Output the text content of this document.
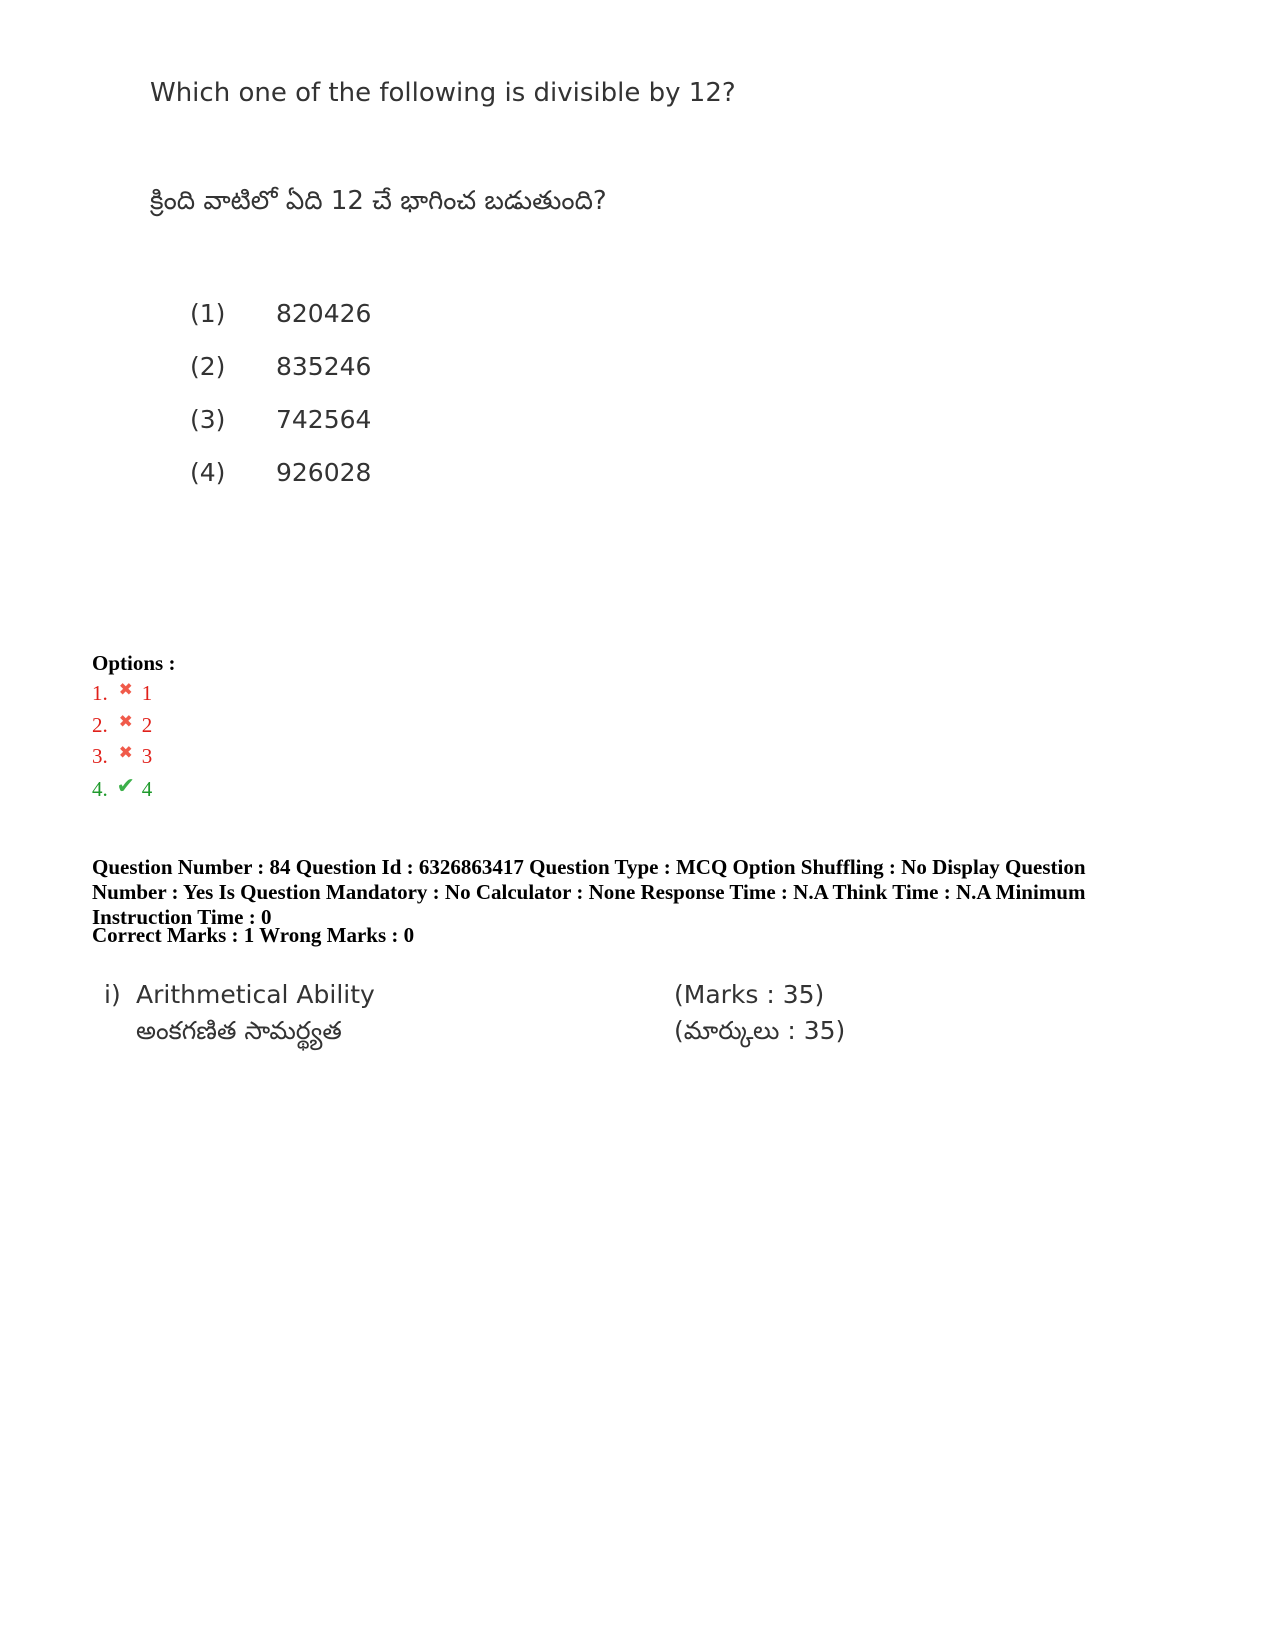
Which one of the following is divisible by 12?
క్రింది వాటిలో ఏది 12 చే భాగించ బడుతుంది?
(1)	820426
(2)	835246
(3)	742564
(4)	926028
Options :
1. ✖ 1
2. ✖ 2
3. ✖ 3
4. ✔ 4
Question Number : 84 Question Id : 6326863417 Question Type : MCQ Option Shuffling : No Display Question Number : Yes Is Question Mandatory : No Calculator : None Response Time : N.A Think Time : N.A Minimum Instruction Time : 0
Correct Marks : 1 Wrong Marks : 0
i) Arithmetical Ability
అంకగణిత సామర్థ్యత
(Marks : 35)
(మార్కులు : 35)
